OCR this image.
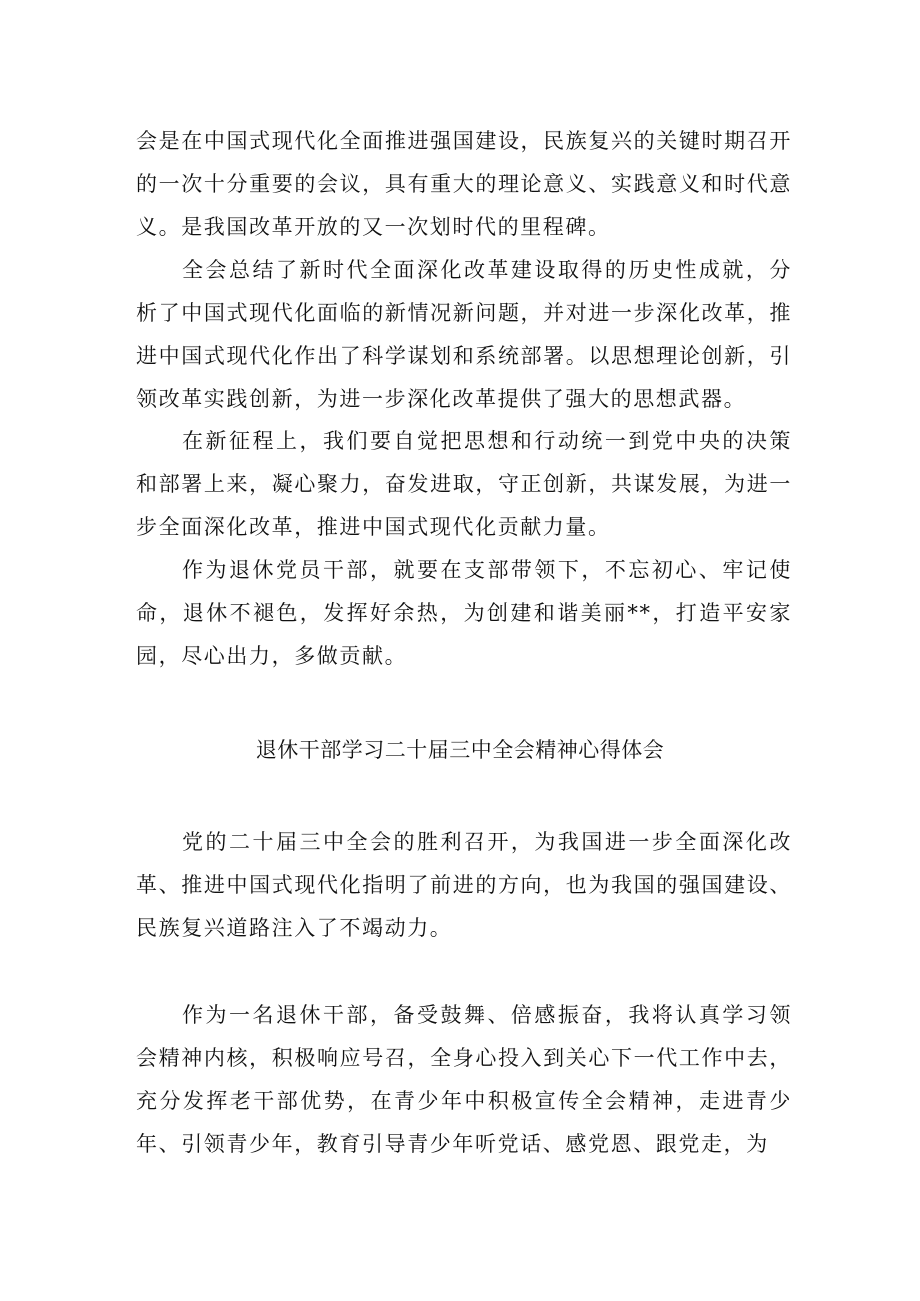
会是在中国式现代化全面推进强国建设，民族复兴的关键时期召开的一次十分重要的会议，具有重大的理论意义、实践意义和时代意义。是我国改革开放的又一次划时代的里程碑。

全会总结了新时代全面深化改革建设取得的历史性成就，分析了中国式现代化面临的新情况新问题，并对进一步深化改革，推进中国式现代化作出了科学谋划和系统部署。以思想理论创新，引领改革实践创新，为进一步深化改革提供了强大的思想武器。

在新征程上，我们要自觉把思想和行动统一到党中央的决策和部署上来，凝心聚力，奋发进取，守正创新，共谋发展，为进一步全面深化改革，推进中国式现代化贡献力量。

作为退休党员干部，就要在支部带领下，不忘初心、牢记使命，退休不褪色，发挥好余热，为创建和谐美丽**，打造平安家园，尽心出力，多做贡献。

退休干部学习二十届三中全会精神心得体会

党的二十届三中全会的胜利召开，为我国进一步全面深化改革、推进中国式现代化指明了前进的方向，也为我国的强国建设、民族复兴道路注入了不竭动力。

作为一名退休干部，备受鼓舞、倍感振奋，我将认真学习领会精神内核，积极响应号召，全身心投入到关心下一代工作中去，充分发挥老干部优势，在青少年中积极宣传全会精神，走进青少年、引领青少年，教育引导青少年听党话、感党恩、跟党走，为
